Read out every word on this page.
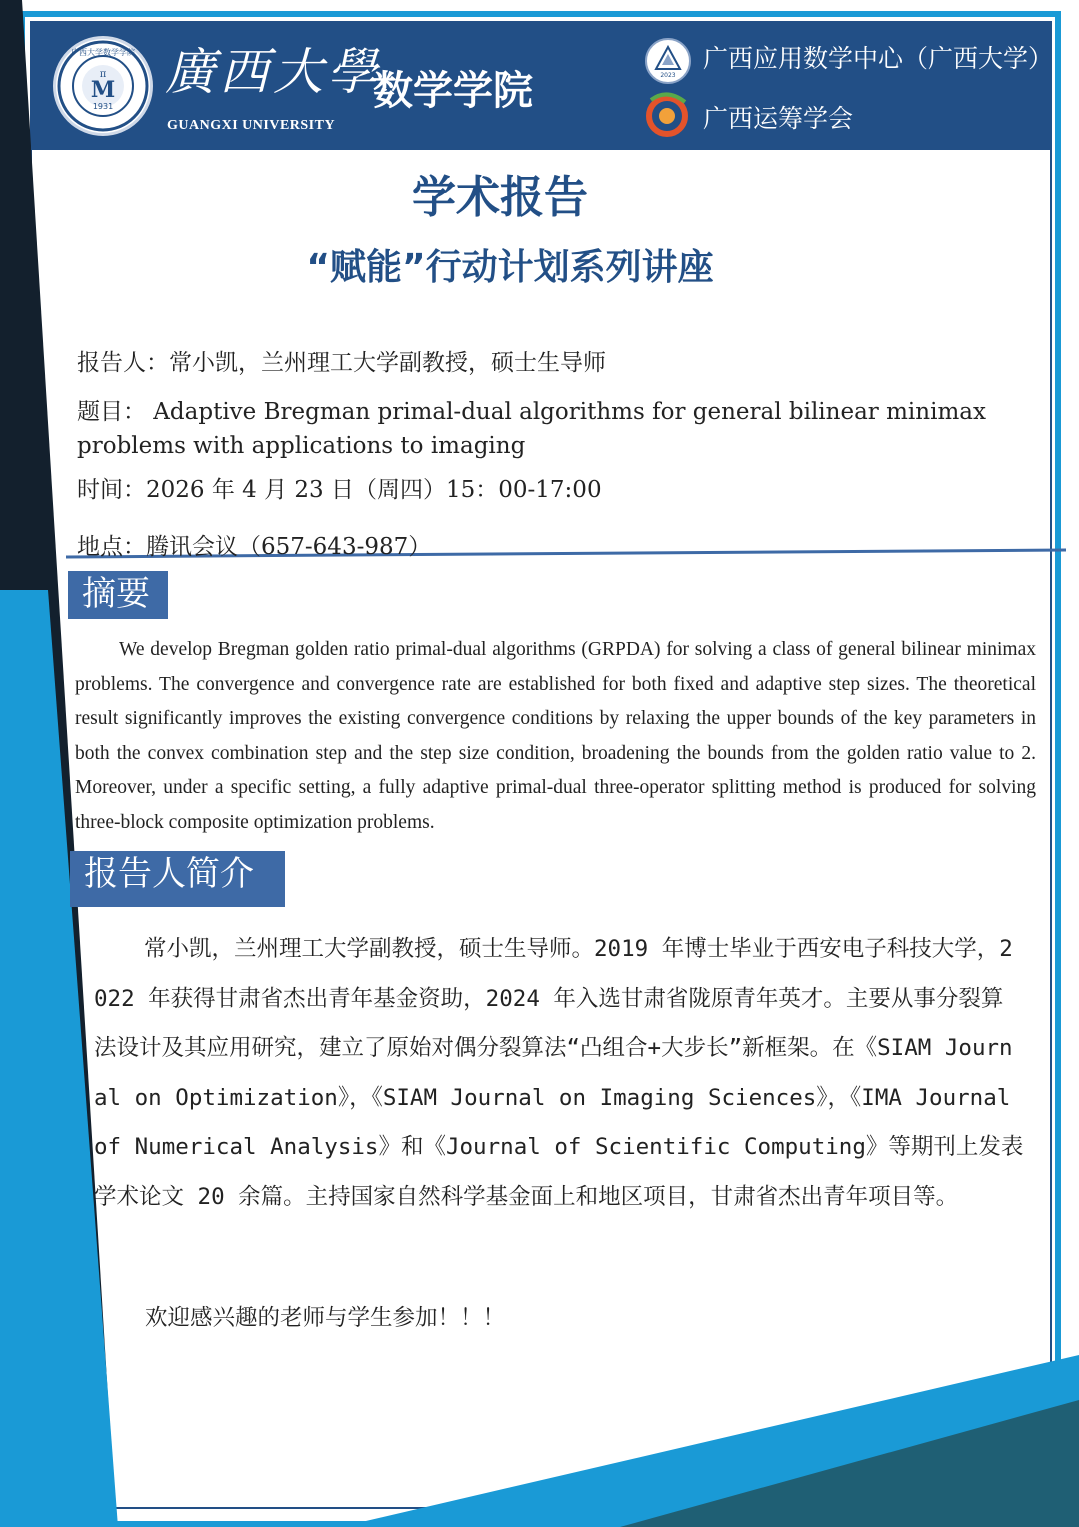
广西大学数学学院
π
M
1931
廣西大學
GUANGXI UNIVERSITY
数学学院	2023
广西应用数学中心（广西大学）
广西运筹学会
学术报告
“赋能”行动计划系列讲座
报告人：常小凯，兰州理工大学副教授，硕士生导师
题目： Adaptive Bregman primal-dual algorithms for general bilinear minimax
problems with applications to imaging
时间：2026 年 4 月 23 日（周四）15：00-17:00
地点：腾讯会议（657-643-987）
摘要
We develop Bregman golden ratio primal-dual algorithms (GRPDA) for solving a class of general bilinear minimax problems. The convergence and convergence rate are established for both fixed and adaptive step sizes. The theoretical result significantly improves the existing convergence conditions by relaxing the upper bounds of the key parameters in both the convex combination step and the step size condition, broadening the bounds from the golden ratio value to 2. Moreover, under a specific setting, a fully adaptive primal-dual three-operator splitting method is produced for solving three-block composite optimization problems.
报告人简介
常小凯，兰州理工大学副教授，硕士生导师。2019 年博士毕业于西安电子科技大学，2022 年获得甘肃省杰出青年基金资助，2024 年入选甘肃省陇原青年英才。主要从事分裂算法设计及其应用研究，建立了原始对偶分裂算法“凸组合+大步长”新框架。在《SIAM Journal on Optimization》，《SIAM Journal on Imaging Sciences》，《IMA Journal of Numerical Analysis》和《Journal of Scientific Computing》等期刊上发表学术论文 20 余篇。主持国家自然科学基金面上和地区项目，甘肃省杰出青年项目等。
欢迎感兴趣的老师与学生参加！！！
